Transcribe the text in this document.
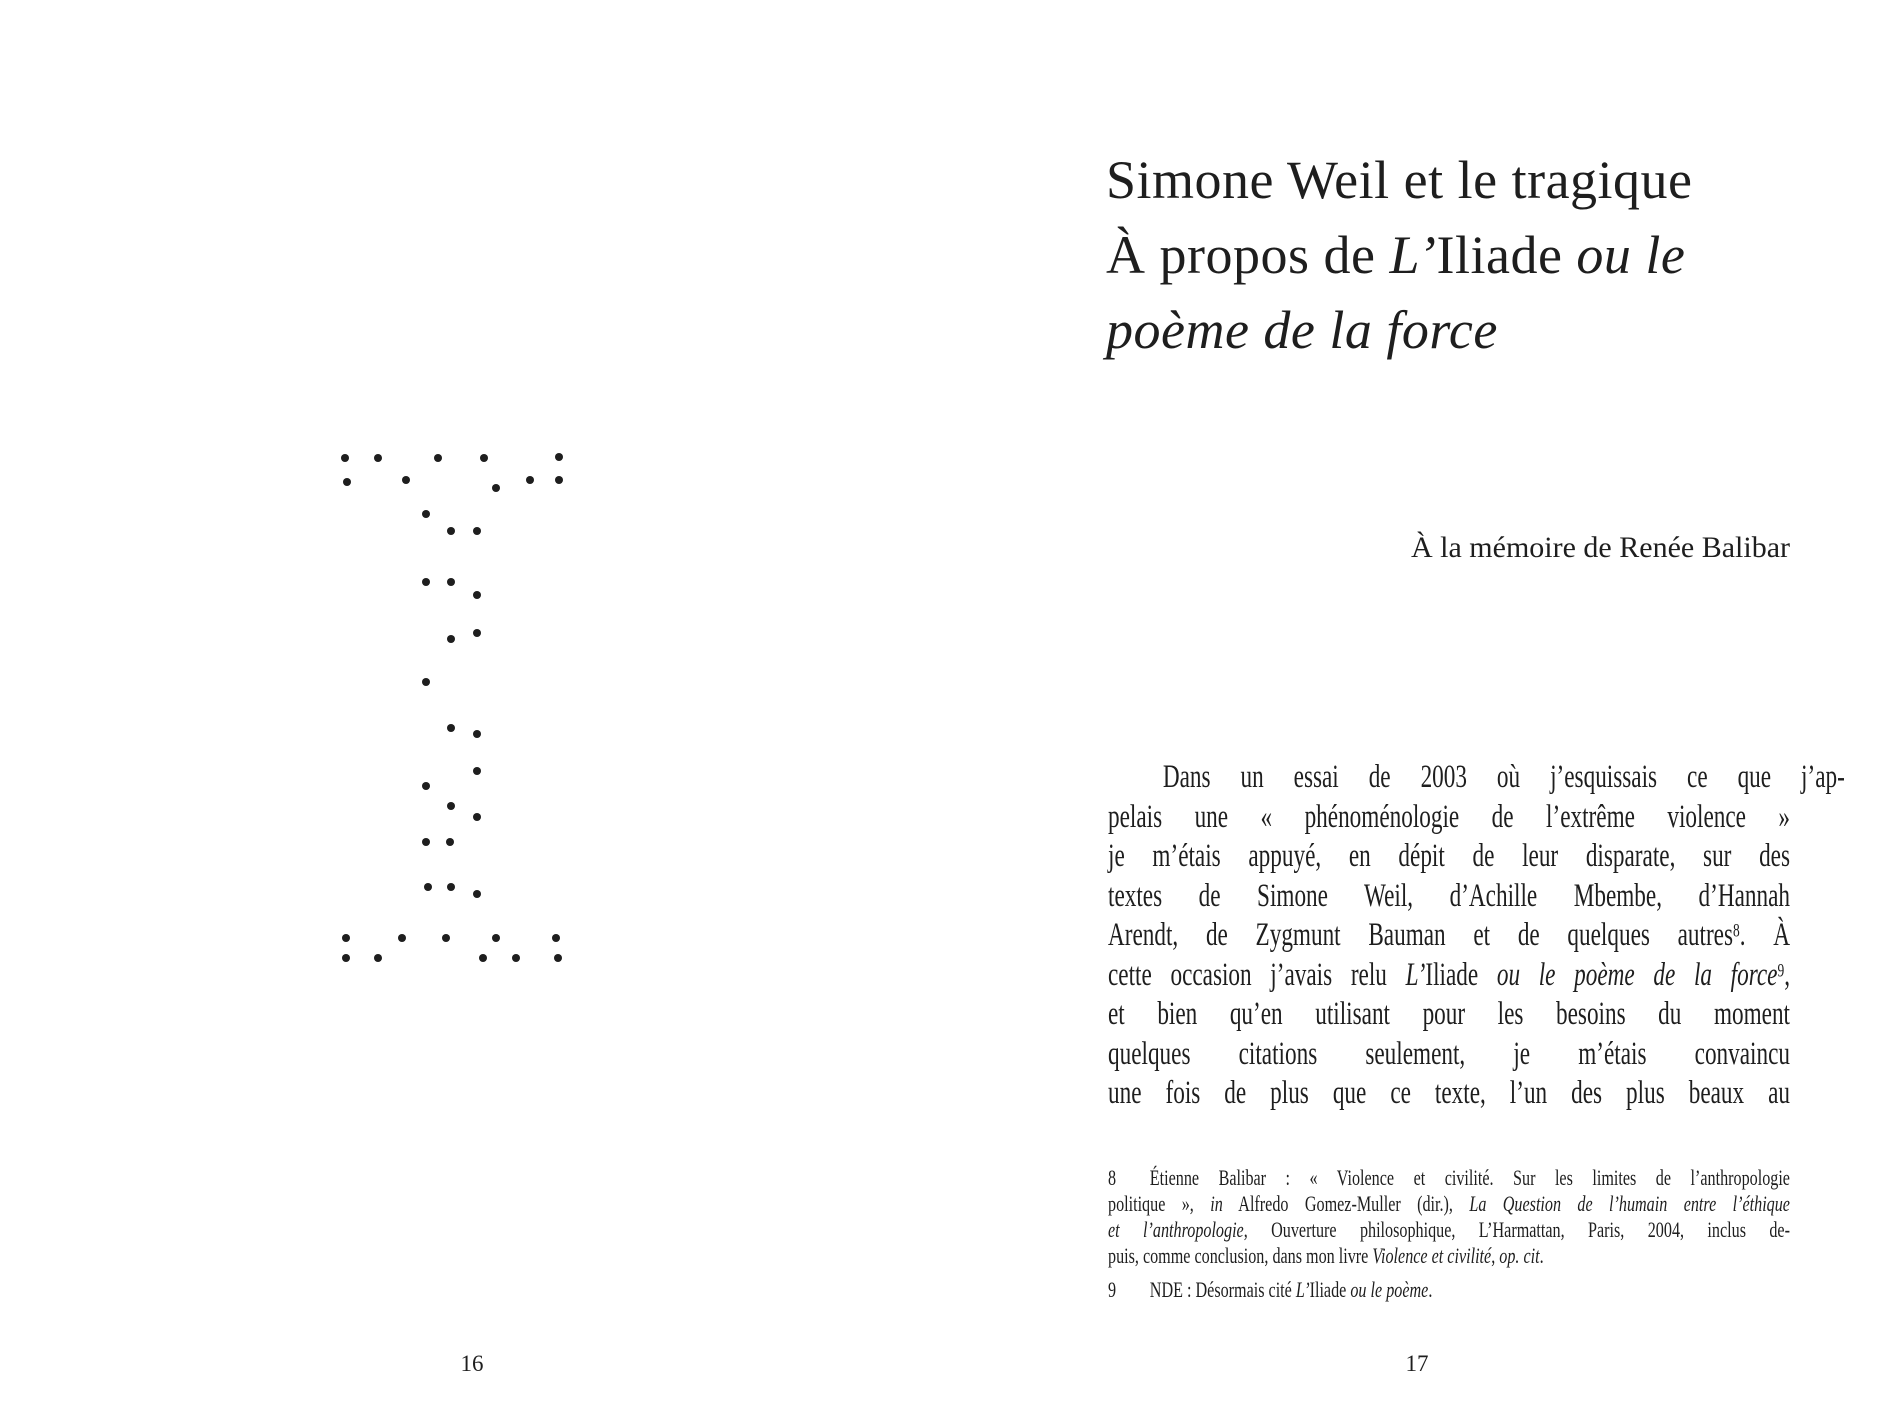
16
Simone Weil et le tragique
À propos de L’Iliade ou le
poème de la force
À la mémoire de Renée Balibar
Dans un essai de 2003 où j’esquissais ce que j’ap-
pelais une « phénoménologie de l’extrême violence »
je m’étais appuyé, en dépit de leur disparate, sur des
textes de Simone Weil, d’Achille Mbembe, d’Hannah
Arendt, de Zygmunt Bauman et de quelques autres$^8$. À
cette occasion j’avais relu L’Iliade ou le poème de la force$^9$,
et bien qu’en utilisant pour les besoins du moment
quelques citations seulement, je m’étais convaincu
une fois de plus que ce texte, l’un des plus beaux au
8 Étienne Balibar : « Violence et civilité. Sur les limites de l’anthropologie
politique », in Alfredo Gomez-Muller (dir.), La Question de l’humain entre l’éthique
et l’anthropologie, Ouverture philosophique, L’Harmattan, Paris, 2004, inclus de-
puis, comme conclusion, dans mon livre Violence et civilité, op. cit.
9 NDE : Désormais cité L’Iliade ou le poème.
17
